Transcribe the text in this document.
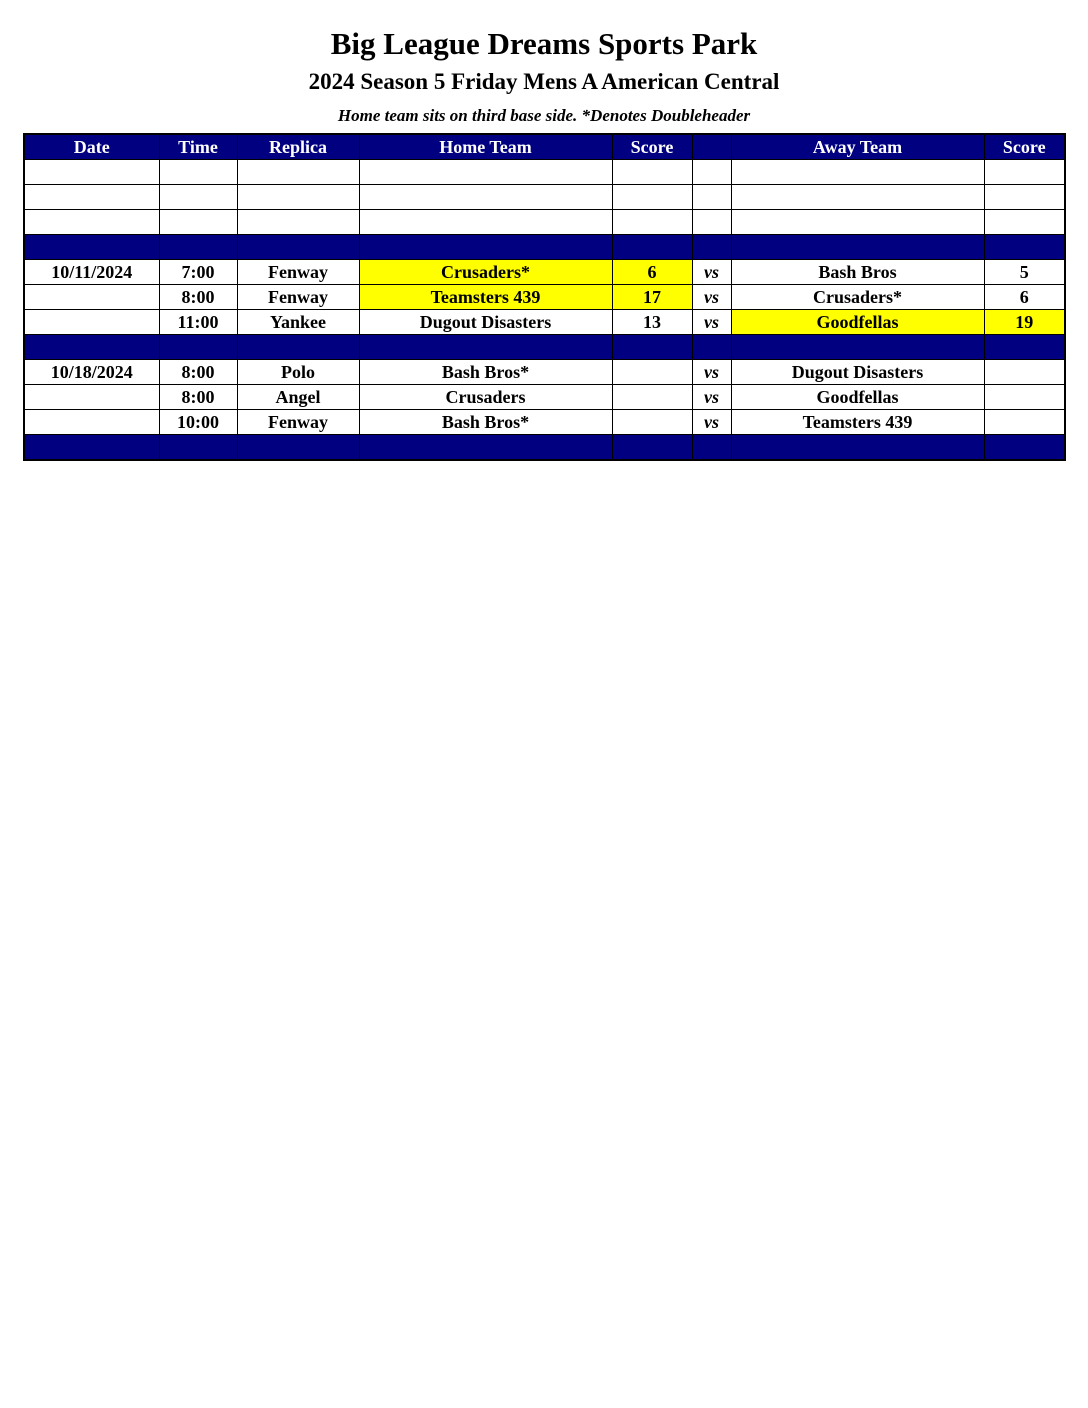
Big League Dreams Sports Park
2024 Season 5 Friday Mens A American Central
Home team sits on third base side. *Denotes Doubleheader
Date	Time	Replica	Home Team	Score		Away Team	Score

10/11/2024	7:00	Fenway	Crusaders*	6	vs	Bash Bros	5
	8:00	Fenway	Teamsters 439	17	vs	Crusaders*	6
	11:00	Yankee	Dugout Disasters	13	vs	Goodfellas	19

10/18/2024	8:00	Polo	Bash Bros*		vs	Dugout Disasters	
	8:00	Angel	Crusaders		vs	Goodfellas	
	10:00	Fenway	Bash Bros*		vs	Teamsters 439	
